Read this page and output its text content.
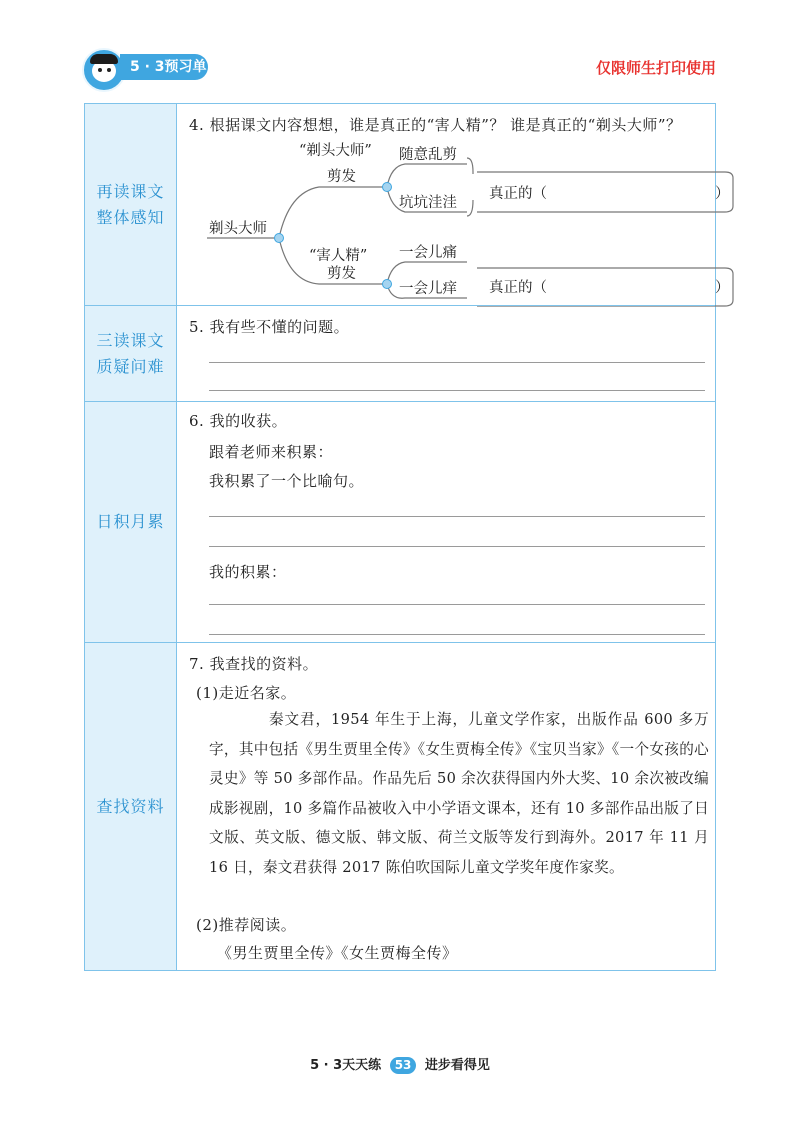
5 · 3预习单	仅限师生打印使用
再读课文整体感知
4. 根据课文内容想想，谁是真正的“害人精”？ 谁是真正的“剃头大师”？
剃头大师
“剃头大师”
剪发
随意乱剪
坑坑洼洼
真正的（	）
“害人精”
剪发
一会儿痛
一会儿痒 真正的（	）
三读课文质疑问难
5. 我有些不懂的问题。
日积月累
6. 我的收获。
跟着老师来积累：
我积累了一个比喻句。
我的积累：
查找资料
7. 我查找的资料。
(1)走近名家。
秦文君，1954 年生于上海，儿童文学作家，出版作品 600 多万字，其中包括《男生贾里全传》《女生贾梅全传》《宝贝当家》《一个女孩的心灵史》等 50 多部作品。作品先后 50 余次获得国内外大奖、10 余次被改编成影视剧，10 多篇作品被收入中小学语文课本，还有 10 多部作品出版了日文版、英文版、德文版、韩文版、荷兰文版等发行到海外。2017 年 11 月 16 日，秦文君获得 2017 陈伯吹国际儿童文学奖年度作家奖。
(2)推荐阅读。
《男生贾里全传》《女生贾梅全传》
5 · 3天天练 53 进步看得见
